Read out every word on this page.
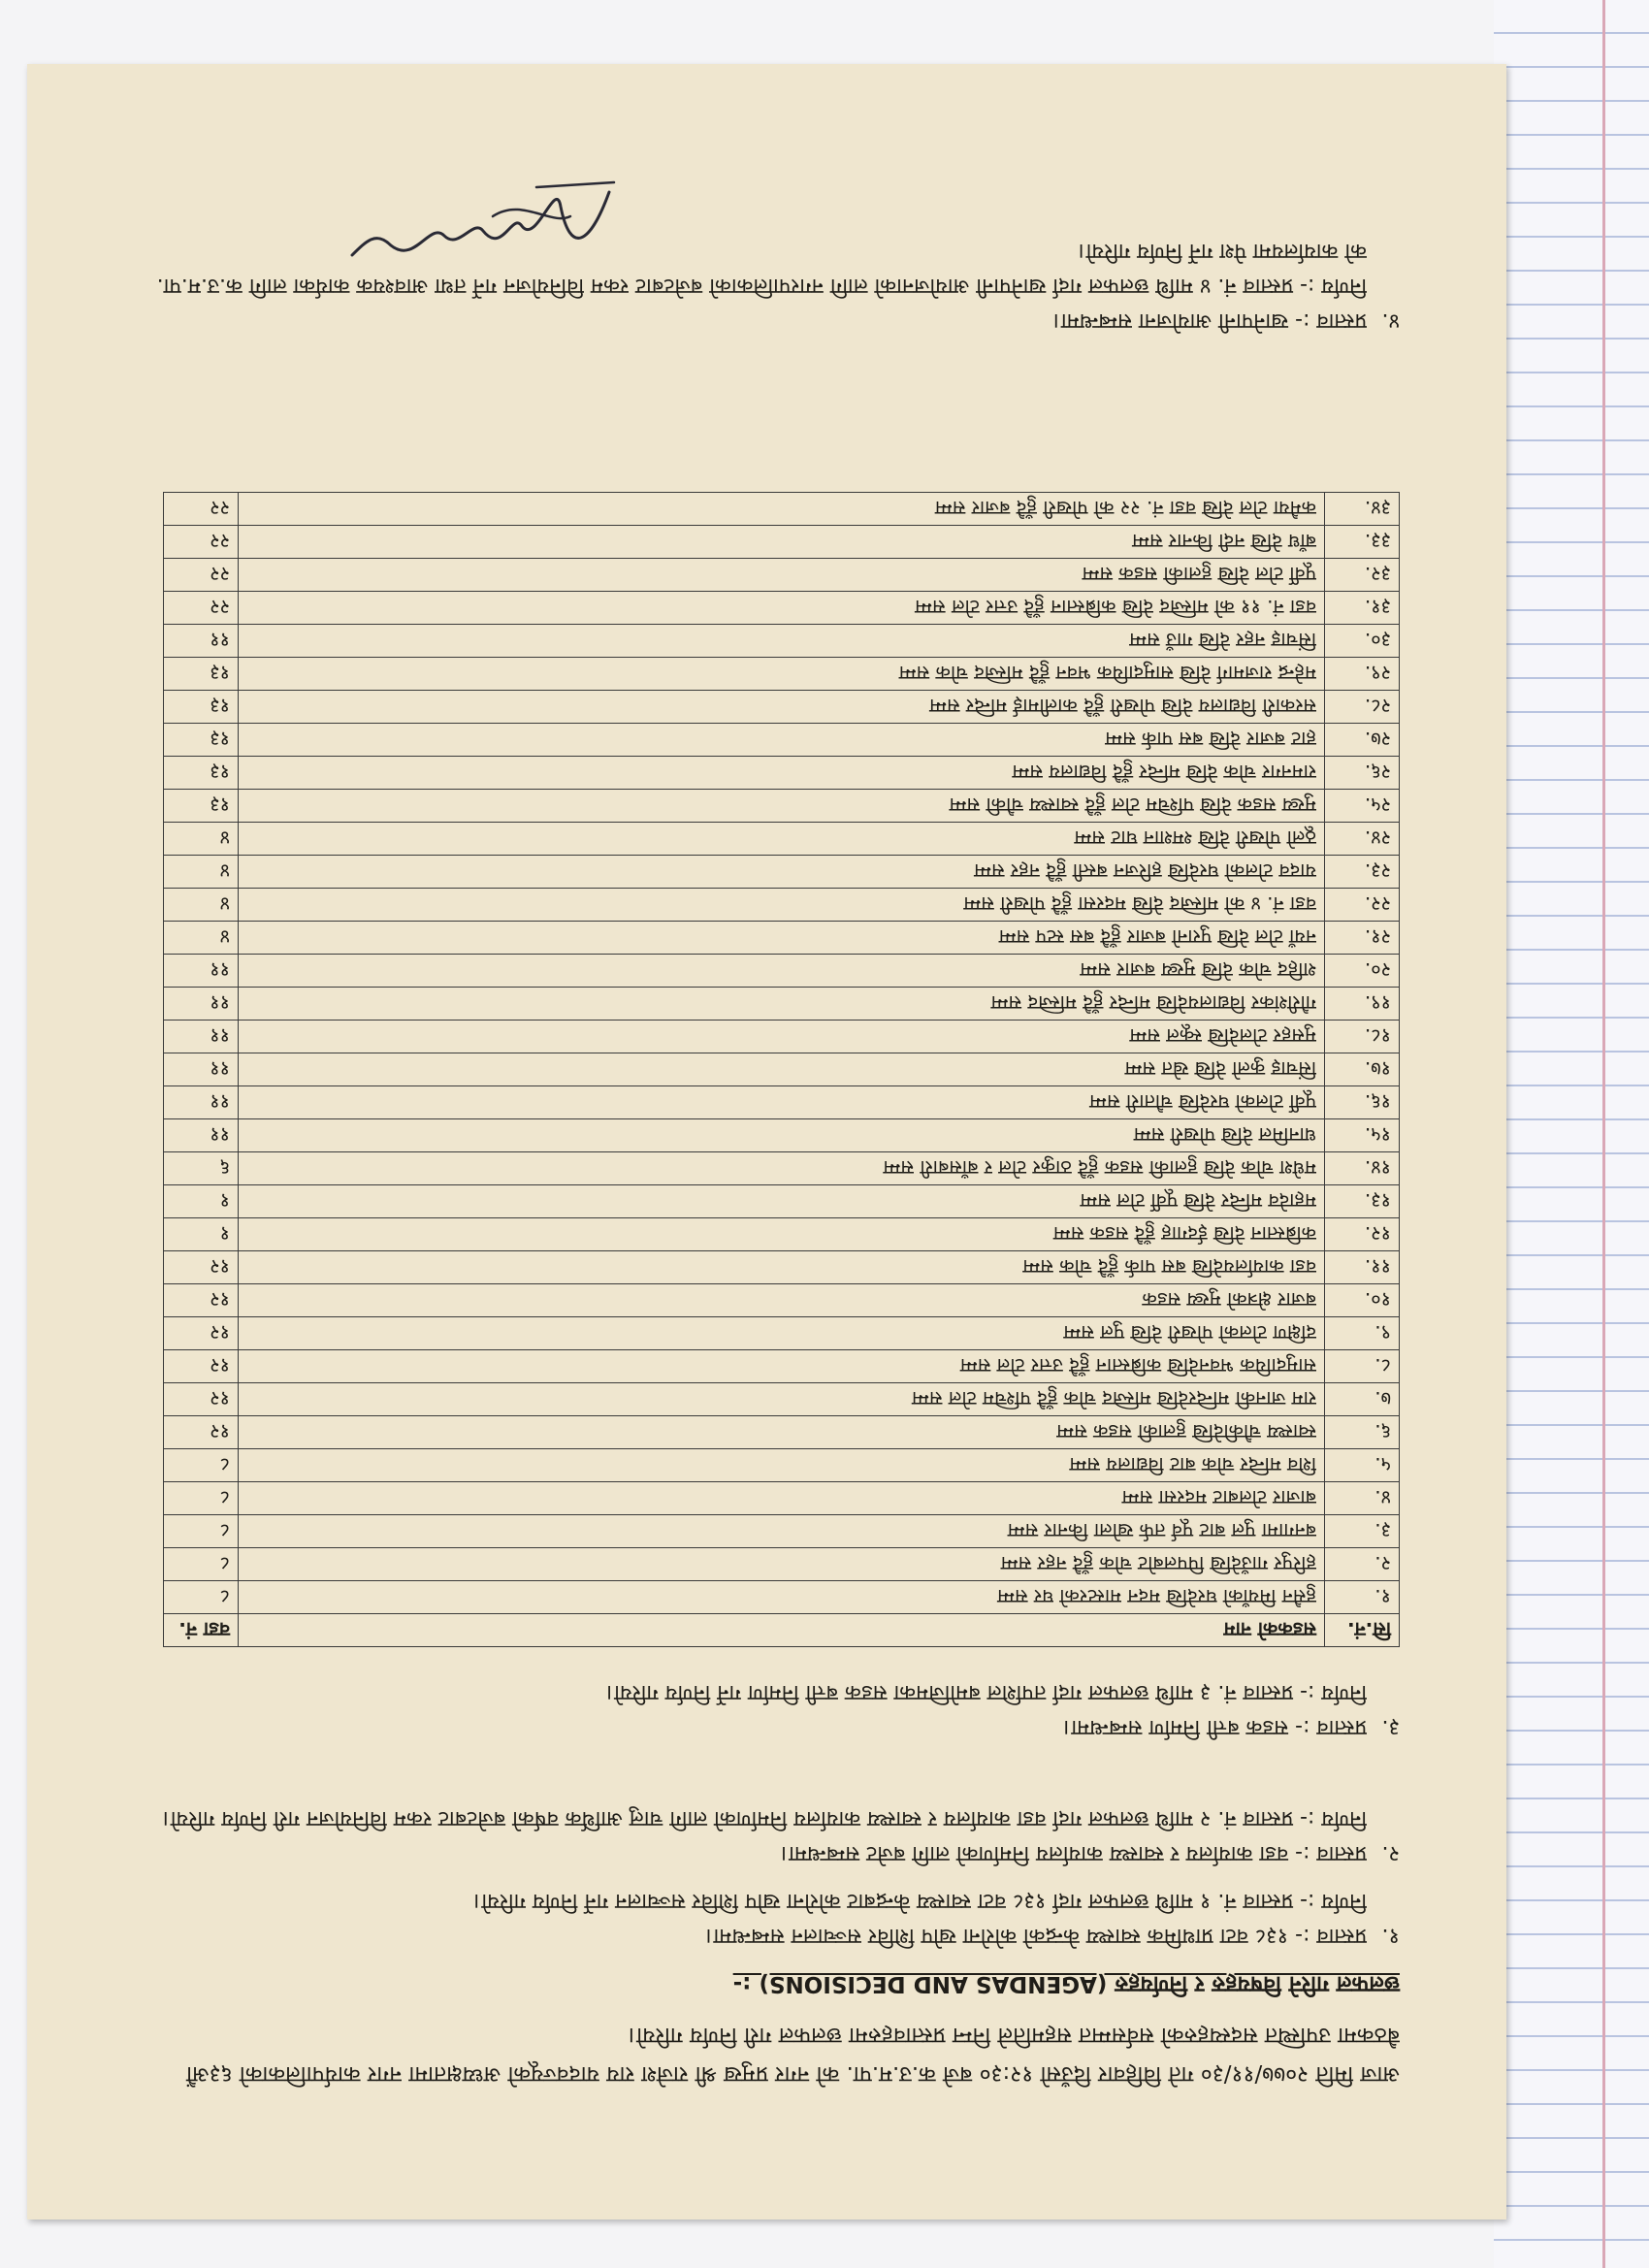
आज मिति २०७७/११/३० गते विहिवार दिउँसो १२:३० बजे क.उ.म.पा. को नगर प्रमुख श्री राजेश राय यादवज्यूको अध्यक्षतामा नगर कार्यपालिकाको ६३औं बैठकमा उपस्थित सदस्यहरुको सर्वसम्मत सहमतिले निम्न प्रस्तावहरुमा छलफल गरी निर्णय गरियो।
छलफल गरिने विषयहरु र निर्णयहरु (AGENDAS AND DECISIONS) :-
१.प्रस्ताव :- १३८ वटा प्राथमिक स्वास्थ्य केन्द्रको कोरोना खोप शिविर सञ्चालन सम्बन्धमा।
निर्णय :- प्रस्ताव नं. १ माथि छलफल गर्दा १३८ वटा स्वास्थ्य केन्द्रबाट कोरोना खोप शिविर सञ्चालन गर्ने निर्णय गरियो।
२.प्रस्ताव :- वडा कार्यालय र स्वास्थ्य कार्यालय निर्माणको लागि बजेट सम्बन्धमा।
निर्णय :- प्रस्ताव नं. २ माथि छलफल गर्दा वडा कार्यालय र स्वास्थ्य कार्यालय निर्माणको लागि चालु आर्थिक वर्षको बजेटबाट रकम विनियोजन गरी निर्णय गरियो।
३.प्रस्ताव :- सडक बत्ती निर्माण सम्बन्धमा।
निर्णय :- प्रस्ताव नं. ३ माथि छलफल गर्दा तपशिल बमोजिमका सडक बत्ती निर्माण गर्ने निर्णय गरियो।
सि.नं.	सडकको नाम	वडा नं.
१.	हुसैन मियाँको घरदेखि मदन मास्टरको घर सम्म	८
२.	हरिपुर गाउँदेखि पिपलबोट चोक हुँदै नहर सम्म	८
३.	बनगामा पुल बाट पूर्व तर्फ खोला किनार सम्म	८
४.	बाजार टोलबाट मदरसा सम्म	८
५.	शिव मन्दिर चोक बाट विद्यालय सम्म	८
६.	स्वास्थ्य चौकीदेखि हुलाकी सडक सम्म	१२
७.	राम जानकी मन्दिरदेखि मस्जिद चोक हुँदै पश्चिम टोल सम्म	१२
८.	सामुदायिक भवनदेखि कब्रिस्तान हुँदै उत्तर टोल सम्म	१२
९.	दक्षिण टोलको पोखरी देखि पुल सम्म	१२
१०.	बजार क्षेत्रको मुख्य सडक	१२
११.	वडा कार्यालयदेखि बस पार्क हुँदै चोक सम्म	१२
१२.	कब्रिस्तान देखि ईदगाह हुँदै सडक सम्म	१
१३.	महादेव मन्दिर देखि पूर्वी टोल सम्म	१
१४.	मधेश चोक देखि हुलाकी सडक हुँदै ठाकुर टोल र बाँसबारी सम्म	६
१५.	धानमिल देखि पोखरी सम्म	११
१६.	पूर्वी टोलको घरदेखि चौतारी सम्म	११
१७.	सिंचाइ कुलो देखि खेत सम्म	११
१८.	मुसहर टोलदेखि स्कूल सम्म	११
१९.	गौरीशंकर विद्यालयदेखि मन्दिर हुँदै मस्जिद सम्म	११
२०.	शहिद चोक देखि मुख्य बजार सम्म	११
२१.	नयाँ टोल देखि पुरानो बजार हुँदै बस स्टप सम्म	४
२२.	वडा नं. ४ को मस्जिद देखि मदरसा हुँदै पोखरी सम्म	४
२३.	यादव टोलको घरदेखि हरिजन बस्ती हुँदै नहर सम्म	४
२४.	ठूलो पोखरी देखि श्मशान घाट सम्म	४
२५.	मुख्य सडक देखि पश्चिम टोल हुँदै स्वास्थ्य चौकी सम्म	१३
२६.	रामनगर चोक देखि मन्दिर हुँदै विद्यालय सम्म	१३
२७.	हाट बजार देखि बस पार्क सम्म	१३
२८.	सरकारी विद्यालय देखि पोखरी हुँदै कालीमाई मन्दिर सम्म	१३
२९.	महेन्द्र राजमार्ग देखि सामुदायिक भवन हुँदै मस्जिद चोक सम्म	१३
३०.	सिंचाइ नहर देखि गाउँ सम्म	११
३१.	वडा नं. ११ को मस्जिद देखि कब्रिस्तान हुँदै उत्तर टोल सम्म	२२
३२.	पूर्वी टोल देखि हुलाकी सडक सम्म	२२
३३.	बाँध देखि नदी किनार सम्म	२२
३४.	कमैया टोल देखि वडा नं. २२ को पोखरी हुँदै बजार सम्म	२२
४.प्रस्ताव :- खानेपानी आयोजना सम्बन्धमा।
निर्णय :- प्रस्ताव नं. ४ माथि छलफल गर्दा खानेपानी आयोजनाको लागि नगरपालिकाको बजेटबाट रकम विनियोजन गर्ने तथा आवश्यक कार्यका लागि क.उ.म.पा. को कार्यालयमा पेश गर्ने निर्णय गरियो।
